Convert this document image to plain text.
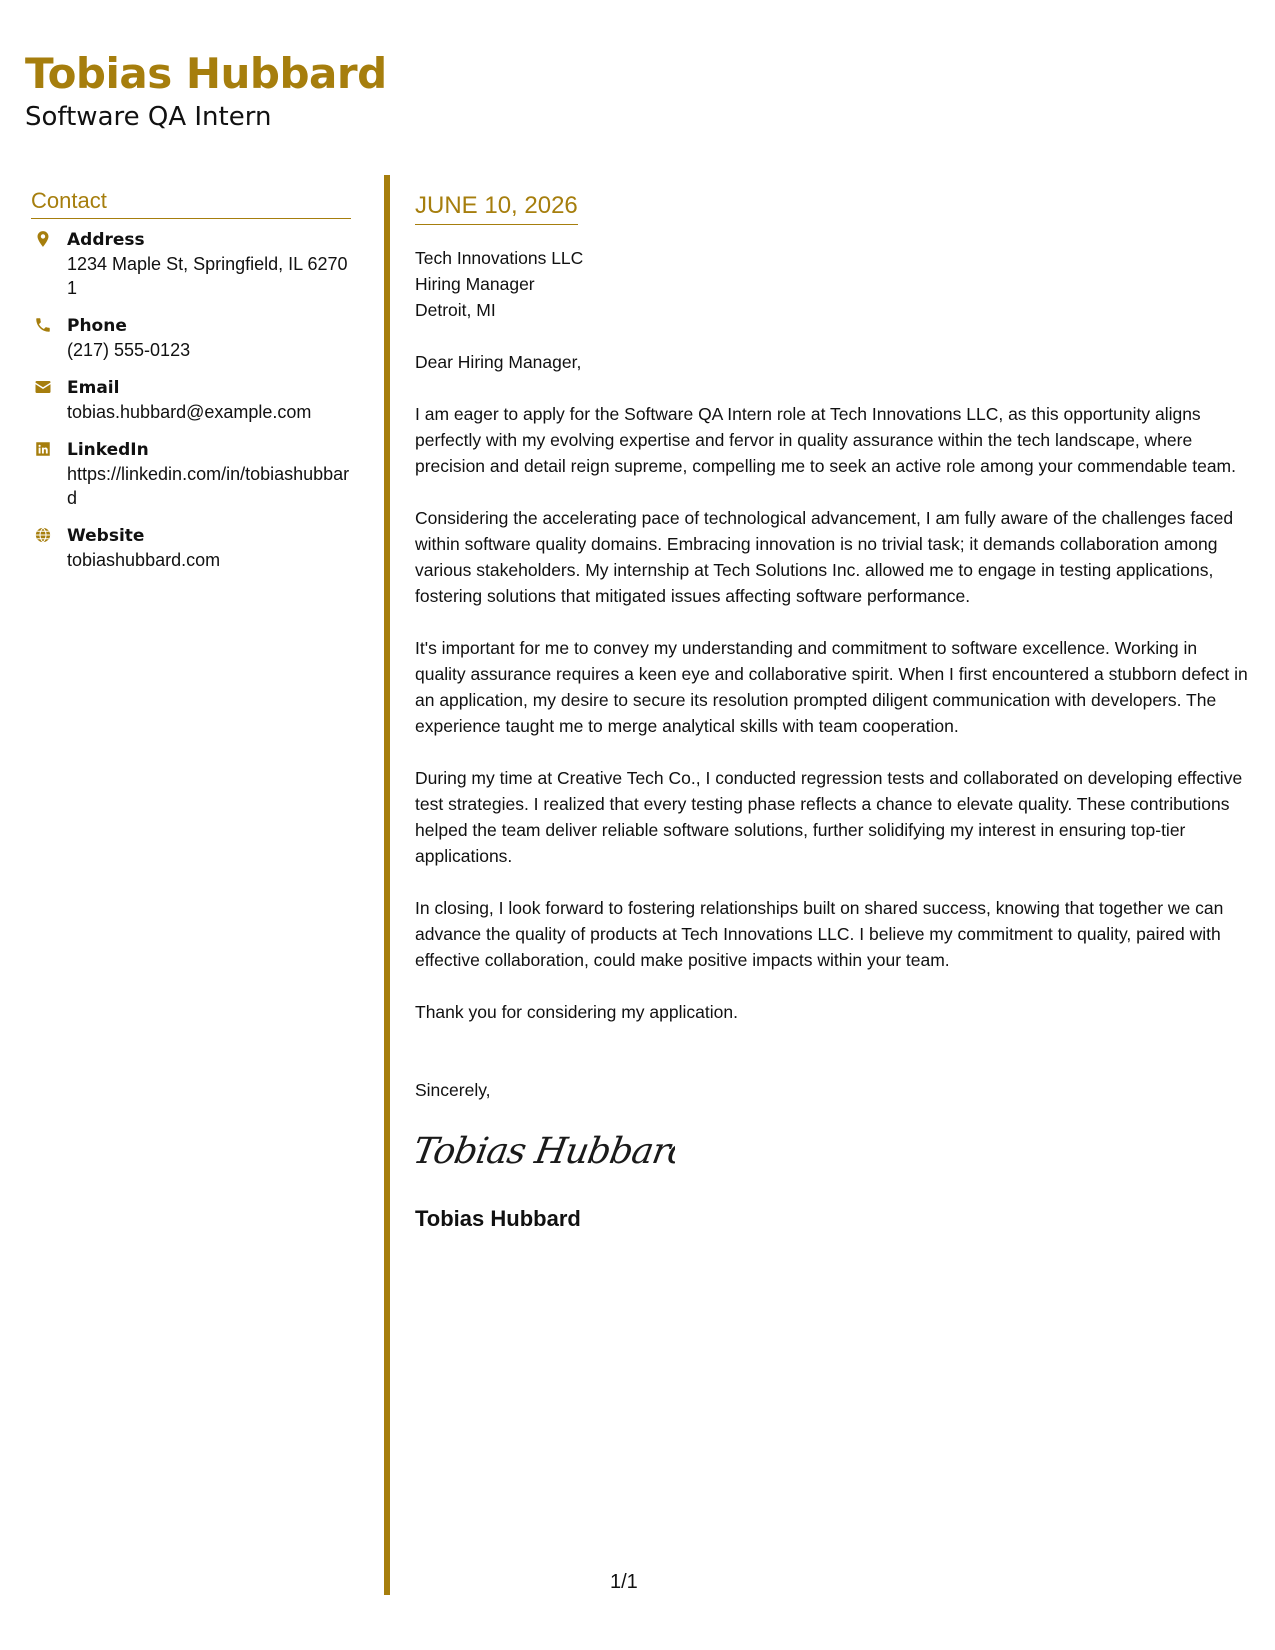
Tobias Hubbard
Software QA Intern
Contact
Address
1234 Maple St, Springfield, IL 62701
Phone
(217) 555-0123
Email
tobias.hubbard@example.com
LinkedIn
https://linkedin.com/in/tobiashubbard
Website
tobiashubbard.com
JUNE 10, 2026
Tech Innovations LLC
Hiring Manager
Detroit, MI
Dear Hiring Manager,

I am eager to apply for the Software QA Intern role at Tech Innovations LLC, as this opportunity aligns perfectly with my evolving expertise and fervor in quality assurance within the tech landscape, where precision and detail reign supreme, compelling me to seek an active role among your commendable team.

Considering the accelerating pace of technological advancement, I am fully aware of the challenges faced within software quality domains. Embracing innovation is no trivial task; it demands collaboration among various stakeholders. My internship at Tech Solutions Inc. allowed me to engage in testing applications, fostering solutions that mitigated issues affecting software performance.

It's important for me to convey my understanding and commitment to software excellence. Working in quality assurance requires a keen eye and collaborative spirit. When I first encountered a stubborn defect in an application, my desire to secure its resolution prompted diligent communication with developers. The experience taught me to merge analytical skills with team cooperation.

During my time at Creative Tech Co., I conducted regression tests and collaborated on developing effective test strategies. I realized that every testing phase reflects a chance to elevate quality. These contributions helped the team deliver reliable software solutions, further solidifying my interest in ensuring top-tier applications.

In closing, I look forward to fostering relationships built on shared success, knowing that together we can advance the quality of products at Tech Innovations LLC. I believe my commitment to quality, paired with effective collaboration, could make positive impacts within your team.

Thank you for considering my application.

Sincerely,
Tobias Hubbard
Tobias Hubbard
1/1
